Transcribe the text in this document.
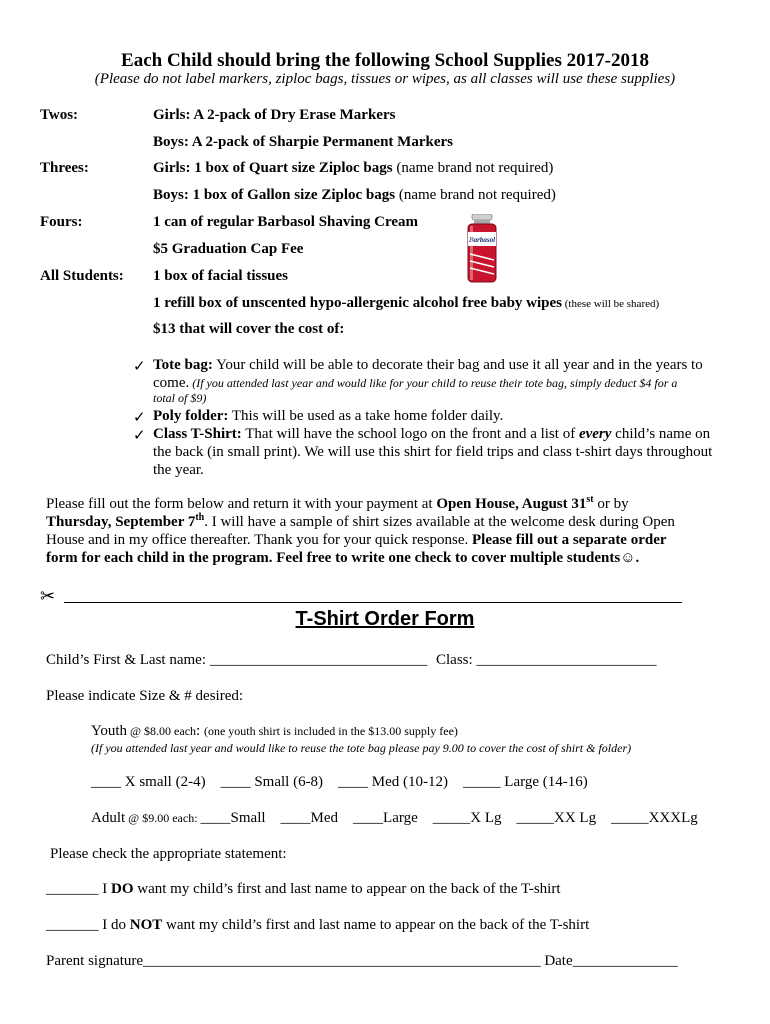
Each Child should bring the following School Supplies 2017-2018
(Please do not label markers, ziploc bags, tissues or wipes, as all classes will use these supplies)
Twos:	Girls: A 2-pack of Dry Erase Markers
Boys: A 2-pack of Sharpie Permanent Markers
Threes:	Girls: 1 box of Quart size Ziploc bags (name brand not required)
Boys: 1 box of Gallon size Ziploc bags (name brand not required)
Fours:	1 can of regular Barbasol Shaving Cream
$5 Graduation Cap Fee
Barbasol
All Students: 1 box of facial tissues
1 refill box of unscented hypo-allergenic alcohol free baby wipes (these will be shared)
$13 that will cover the cost of:
✓ Tote bag: Your child will be able to decorate their bag and use it all year and in the years to
come. (If you attended last year and would like for your child to reuse their tote bag, simply deduct $4 for a
total of $9)
✓ Poly folder: This will be used as a take home folder daily.
✓ Class T-Shirt: That will have the school logo on the front and a list of every child’s name on
the back (in small print). We will use this shirt for field trips and class t-shirt days throughout
the year.
Please fill out the form below and return it with your payment at Open House, August 31st or by
Thursday, September 7th. I will have a sample of shirt sizes available at the welcome desk during Open
House and in my office thereafter. Thank you for your quick response. Please fill out a separate order
form for each child in the program. Feel free to write one check to cover multiple students☺.
✂
T-Shirt Order Form
Child’s First & Last name: _____________________________ Class: ________________________
Please indicate Size & # desired:
Youth @ $8.00 each: (one youth shirt is included in the $13.00 supply fee)
(If you attended last year and would like to reuse the tote bag please pay 9.00 to cover the cost of shirt & folder)
____ X small (2-4)    ____ Small (6-8)    ____ Med (10-12)    _____ Large (14-16)
Adult @ $9.00 each: ____Small    ____Med    ____Large    _____X Lg    _____XX Lg    _____XXXLg
Please check the appropriate statement:
_______ I DO want my child’s first and last name to appear on the back of the T-shirt
_______ I do NOT want my child’s first and last name to appear on the back of the T-shirt
Parent signature_____________________________________________________ Date______________
